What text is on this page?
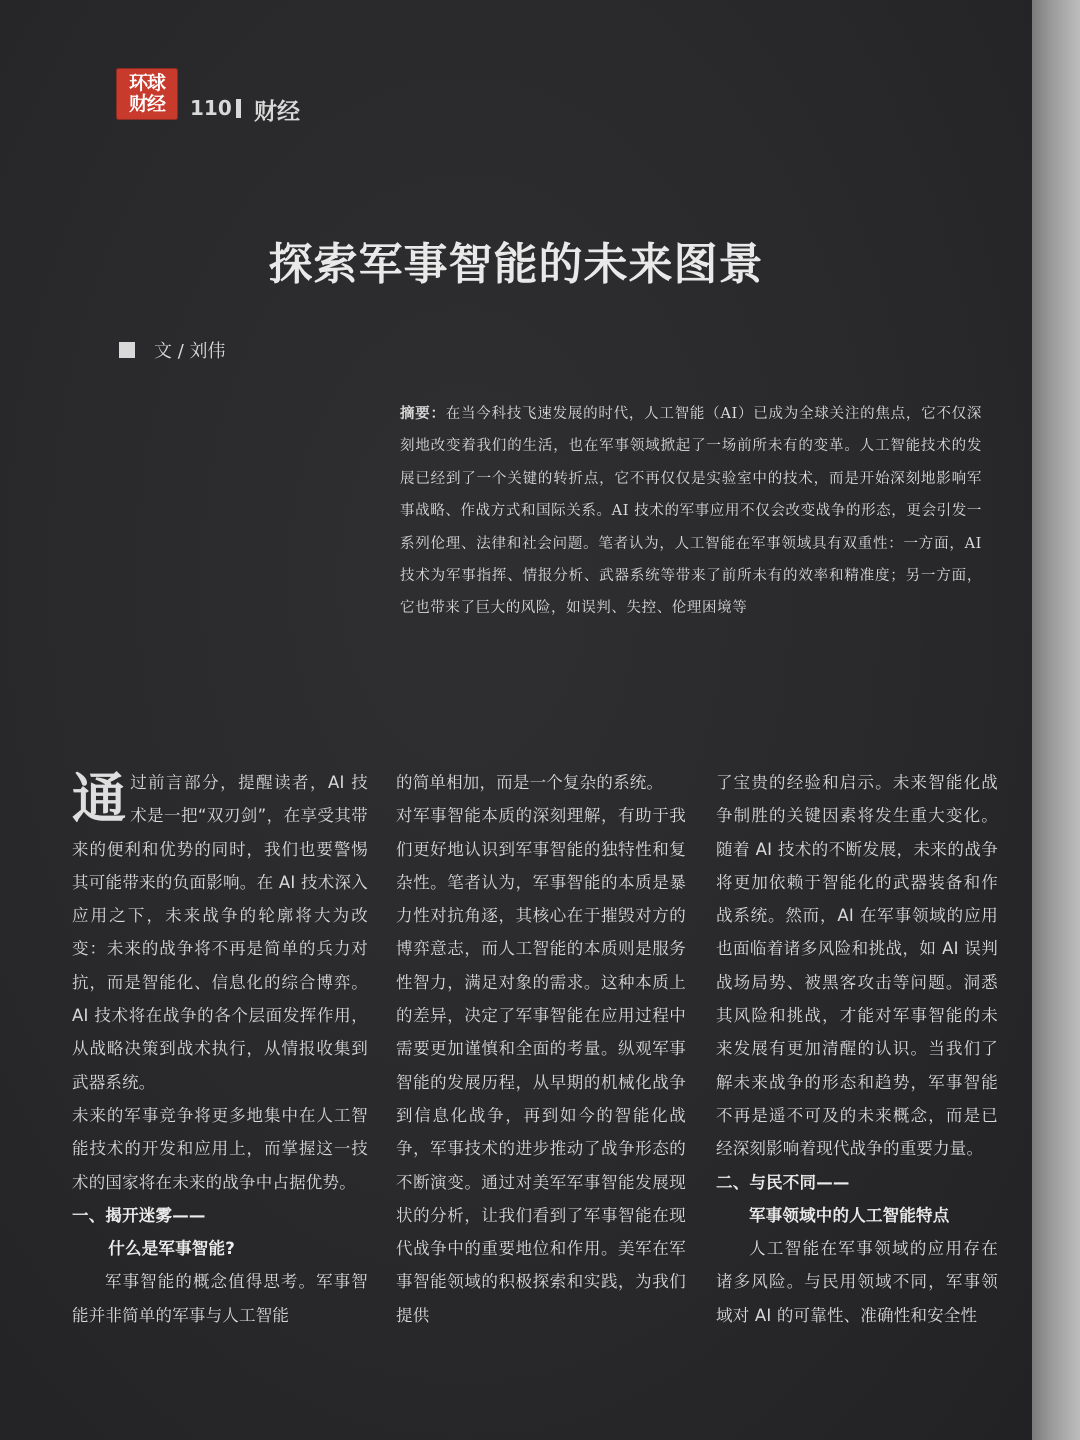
环球
财经 110 财经
探索军事智能的未来图景
文 / 刘伟
摘要：在当今科技飞速发展的时代，人工智能（AI）已成为全球关注的焦点，它不仅深刻地改变着我们的生活，也在军事领域掀起了一场前所未有的变革。人工智能技术的发展已经到了一个关键的转折点，它不再仅仅是实验室中的技术，而是开始深刻地影响军事战略、作战方式和国际关系。AI 技术的军事应用不仅会改变战争的形态，更会引发一系列伦理、法律和社会问题。笔者认为，人工智能在军事领域具有双重性：一方面，AI 技术为军事指挥、情报分析、武器系统等带来了前所未有的效率和精准度；另一方面，它也带来了巨大的风险，如误判、失控、伦理困境等

通过前言部分，提醒读者，AI 技术是一把“双刃剑”，在享受其带来的便利和优势的同时，我们也要警惕其可能带来的负面影响。在 AI 技术深入应用之下，未来战争的轮廓将大为改变：未来的战争将不再是简单的兵力对抗，而是智能化、信息化的综合博弈。AI 技术将在战争的各个层面发挥作用，从战略决策到战术执行，从情报收集到武器系统。

未来的军事竞争将更多地集中在人工智能技术的开发和应用上，而掌握这一技术的国家将在未来的战争中占据优势。

一、揭开迷雾——
什么是军事智能?

军事智能的概念值得思考。军事智能并非简单的军事与人工智能

的简单相加，而是一个复杂的系统。

对军事智能本质的深刻理解，有助于我们更好地认识到军事智能的独特性和复杂性。笔者认为，军事智能的本质是暴力性对抗角逐，其核心在于摧毁对方的博弈意志，而人工智能的本质则是服务性智力，满足对象的需求。这种本质上的差异，决定了军事智能在应用过程中需要更加谨慎和全面的考量。纵观军事智能的发展历程，从早期的机械化战争到信息化战争，再到如今的智能化战争，军事技术的进步推动了战争形态的不断演变。通过对美军军事智能发展现状的分析，让我们看到了军事智能在现代战争中的重要地位和作用。美军在军事智能领域的积极探索和实践，为我们提供

了宝贵的经验和启示。未来智能化战争制胜的关键因素将发生重大变化。随着 AI 技术的不断发展，未来的战争将更加依赖于智能化的武器装备和作战系统。然而，AI 在军事领域的应用也面临着诸多风险和挑战，如 AI 误判战场局势、被黑客攻击等问题。洞悉其风险和挑战，才能对军事智能的未来发展有更加清醒的认识。当我们了解未来战争的形态和趋势，军事智能不再是遥不可及的未来概念，而是已经深刻影响着现代战争的重要力量。

二、与民不同——
军事领域中的人工智能特点

人工智能在军事领域的应用存在诸多风险。与民用领域不同，军事领域对 AI 的可靠性、准确性和安全性
